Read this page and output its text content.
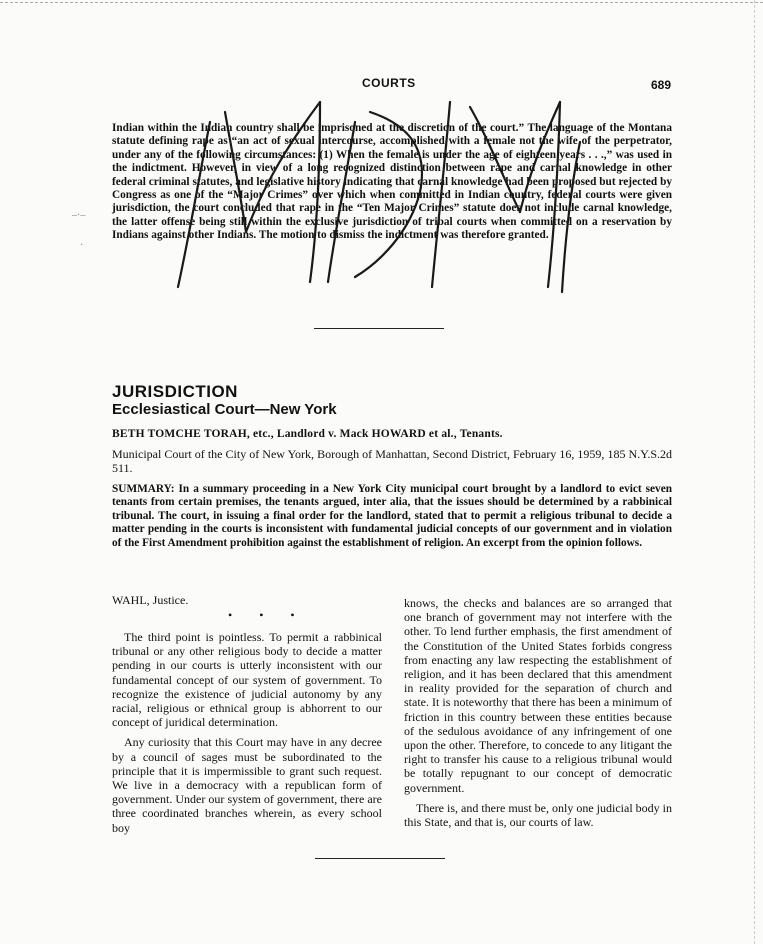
COURTS	689

Indian within the Indian country shall be imprisoned at the discretion of the court.” The language of the Montana statute defining rape as “an act of sexual intercourse, accomplished with a female not the wife of the perpetrator, under any of the following circumstances: (1) When the female is under the age of eighteen years . . .,” was used in the indictment. However, in view of a long recognized distinction between rape and carnal knowledge in other federal criminal statutes, and legislative history indicating that carnal knowledge had been proposed but rejected by Congress as one of the “Major Crimes” over which when committed in Indian country, federal courts were given jurisdiction, the court concluded that rape in the “Ten Major Crimes” statute does not include carnal knowledge, the latter offense being still within the exclusive jurisdiction of tribal courts when committed on a reservation by Indians against other Indians. The motion to dismiss the indictment was therefore granted.

JURISDICTION
Ecclesiastical Court—New York

BETH TOMCHE TORAH, etc., Landlord v. Mack HOWARD et al., Tenants.

Municipal Court of the City of New York, Borough of Manhattan, Second District, February 16, 1959, 185 N.Y.S.2d 511.

SUMMARY: In a summary proceeding in a New York City municipal court brought by a landlord to evict seven tenants from certain premises, the tenants argued, inter alia, that the issues should be determined by a rabbinical tribunal. The court, in issuing a final order for the landlord, stated that to permit a religious tribunal to decide a matter pending in the courts is inconsistent with fundamental judicial concepts of our government and in violation of the First Amendment prohibition against the establishment of religion. An excerpt from the opinion follows.

WAHL, Justice.

• • •

The third point is pointless. To permit a rabbinical tribunal or any other religious body to decide a matter pending in our courts is utterly inconsistent with our fundamental concept of our system of government. To recognize the existence of judicial autonomy by any racial, religious or ethnical group is abhorrent to our concept of juridical determination.

Any curiosity that this Court may have in any decree by a council of sages must be subordinated to the principle that it is impermissible to grant such request. We live in a democracy with a republican form of government. Under our system of government, there are three coordinated branches wherein, as every school boy

knows, the checks and balances are so arranged that one branch of government may not interfere with the other. To lend further emphasis, the first amendment of the Constitution of the United States forbids congress from enacting any law respecting the establishment of religion, and it has been declared that this amendment in reality provided for the separation of church and state. It is noteworthy that there has been a minimum of friction in this country between these entities because of the sedulous avoidance of any infringement of one upon the other. Therefore, to concede to any litigant the right to transfer his cause to a religious tribunal would be totally repugnant to our concept of democratic government.

There is, and there must be, only one judicial body in this State, and that is, our courts of law.

–·–
·
